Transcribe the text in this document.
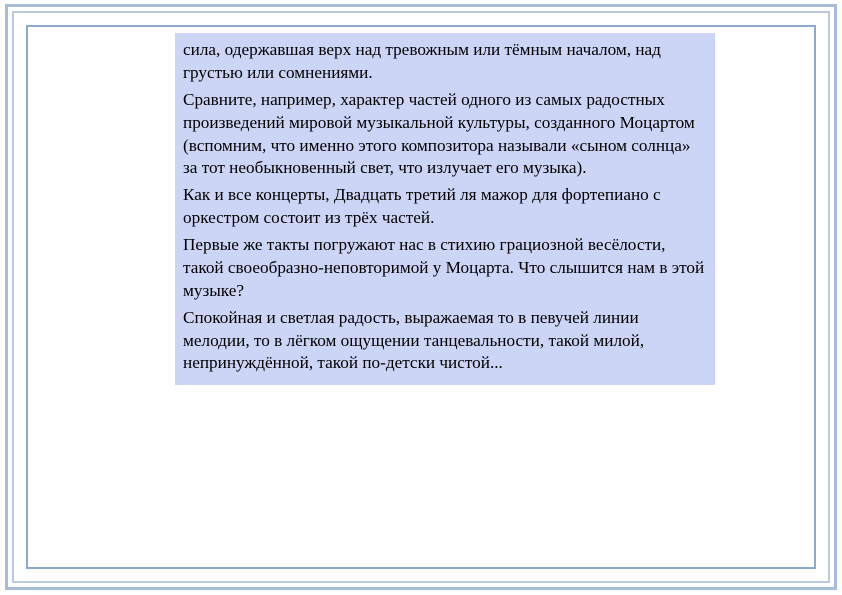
сила, одержавшая верх над тревожным или тёмным началом, над грустью или сомнениями.

Сравните, например, характер частей одного из самых радостных произведений мировой музыкальной культуры, созданного Моцартом (вспомним, что именно этого композитора называли «сыном солнца» за тот необыкновенный свет, что излучает его музыка).

Как и все концерты, Двадцать третий ля мажор для фортепиано с оркестром состоит из трёх частей.

Первые же такты погружают нас в стихию грациозной весёлости, такой своеобразно-неповторимой у Моцарта. Что слышится нам в этой музыке?

Спокойная и светлая радость, выражаемая то в певучей линии мелодии, то в лёгком ощущении танцевальности, такой милой, непринуждённой, такой по-детски чистой...
